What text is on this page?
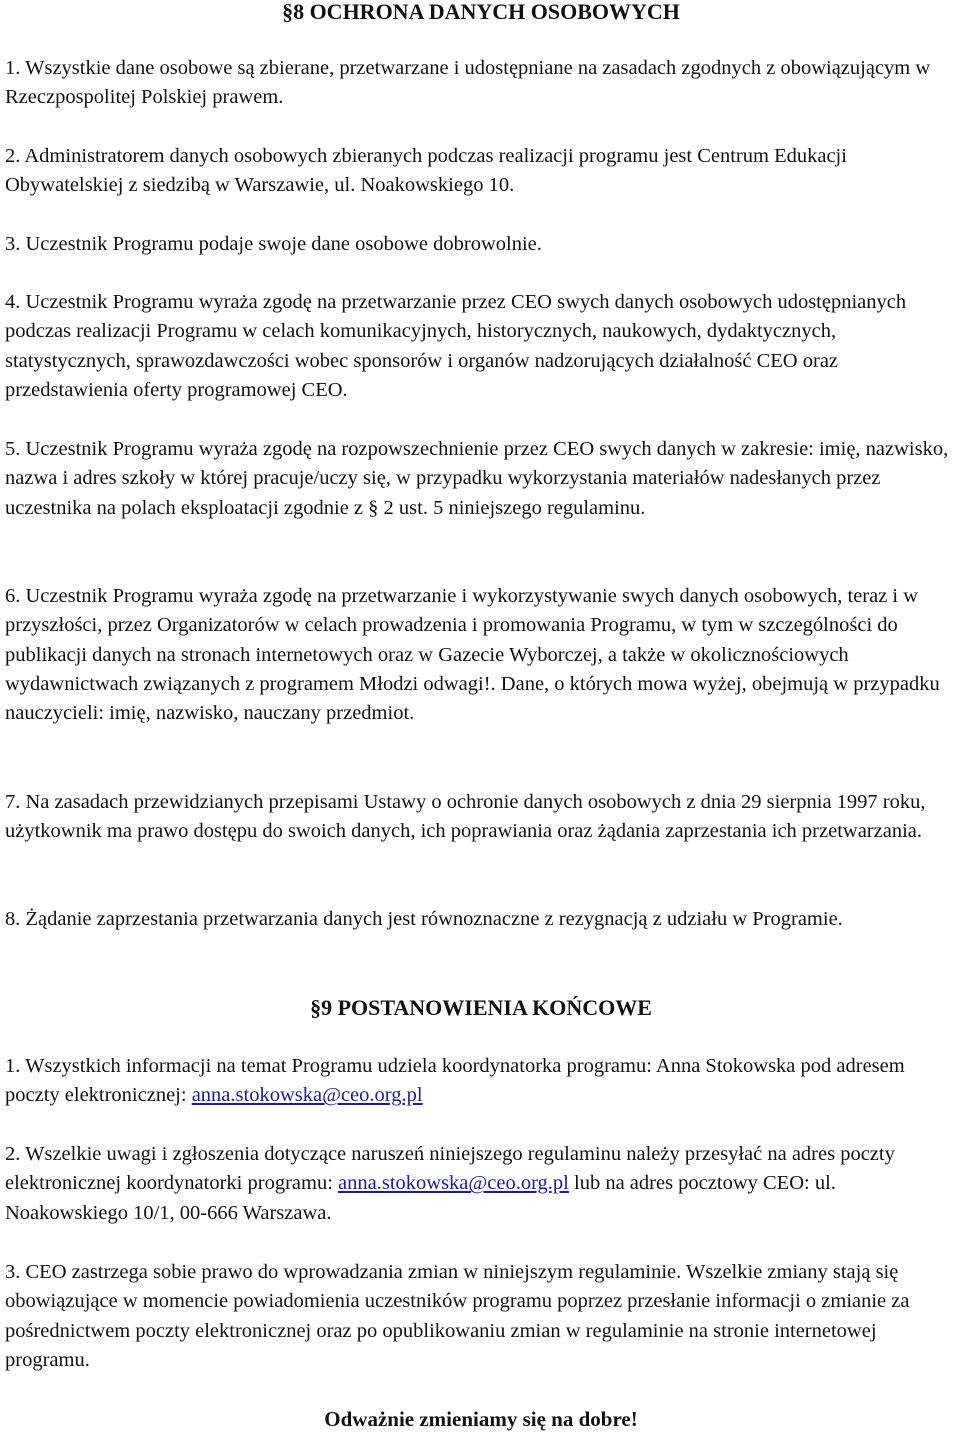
§8 OCHRONA DANYCH OSOBOWYCH

1. Wszystkie dane osobowe są zbierane, przetwarzane i udostępniane na zasadach zgodnych z obowiązującym w Rzeczpospolitej Polskiej prawem.

2. Administratorem danych osobowych zbieranych podczas realizacji programu jest Centrum Edukacji Obywatelskiej z siedzibą w Warszawie, ul. Noakowskiego 10.

3. Uczestnik Programu podaje swoje dane osobowe dobrowolnie.

4. Uczestnik Programu wyraża zgodę na przetwarzanie przez CEO swych danych osobowych udostępnianych podczas realizacji Programu w celach komunikacyjnych, historycznych, naukowych, dydaktycznych, statystycznych, sprawozdawczości wobec sponsorów i organów nadzorujących działalność CEO oraz przedstawienia oferty programowej CEO.

5. Uczestnik Programu wyraża zgodę na rozpowszechnienie przez CEO swych danych w zakresie: imię, nazwisko, nazwa i adres szkoły w której pracuje/uczy się, w przypadku wykorzystania materiałów nadesłanych przez uczestnika na polach eksploatacji zgodnie z § 2 ust. 5 niniejszego regulaminu.

6. Uczestnik Programu wyraża zgodę na przetwarzanie i wykorzystywanie swych danych osobowych, teraz i w przyszłości, przez Organizatorów w celach prowadzenia i promowania Programu, w tym w szczególności do publikacji danych na stronach internetowych oraz w Gazecie Wyborczej, a także w okolicznościowych wydawnictwach związanych z programem Młodzi odwagi!. Dane, o których mowa wyżej, obejmują w przypadku nauczycieli: imię, nazwisko, nauczany przedmiot.

7. Na zasadach przewidzianych przepisami Ustawy o ochronie danych osobowych z dnia 29 sierpnia 1997 roku, użytkownik ma prawo dostępu do swoich danych, ich poprawiania oraz żądania zaprzestania ich przetwarzania.

8. Żądanie zaprzestania przetwarzania danych jest równoznaczne z rezygnacją z udziału w Programie.

§9 POSTANOWIENIA KOŃCOWE

1. Wszystkich informacji na temat Programu udziela koordynatorka programu: Anna Stokowska pod adresem poczty elektronicznej: anna.stokowska@ceo.org.pl

2. Wszelkie uwagi i zgłoszenia dotyczące naruszeń niniejszego regulaminu należy przesyłać na adres poczty elektronicznej koordynatorki programu: anna.stokowska@ceo.org.pl lub na adres pocztowy CEO: ul. Noakowskiego 10/1, 00-666 Warszawa.

3. CEO zastrzega sobie prawo do wprowadzania zmian w niniejszym regulaminie. Wszelkie zmiany stają się obowiązujące w momencie powiadomienia uczestników programu poprzez przesłanie informacji o zmianie za pośrednictwem poczty elektronicznej oraz po opublikowaniu zmian w regulaminie na stronie internetowej programu.

Odważnie zmieniamy się na dobre!
